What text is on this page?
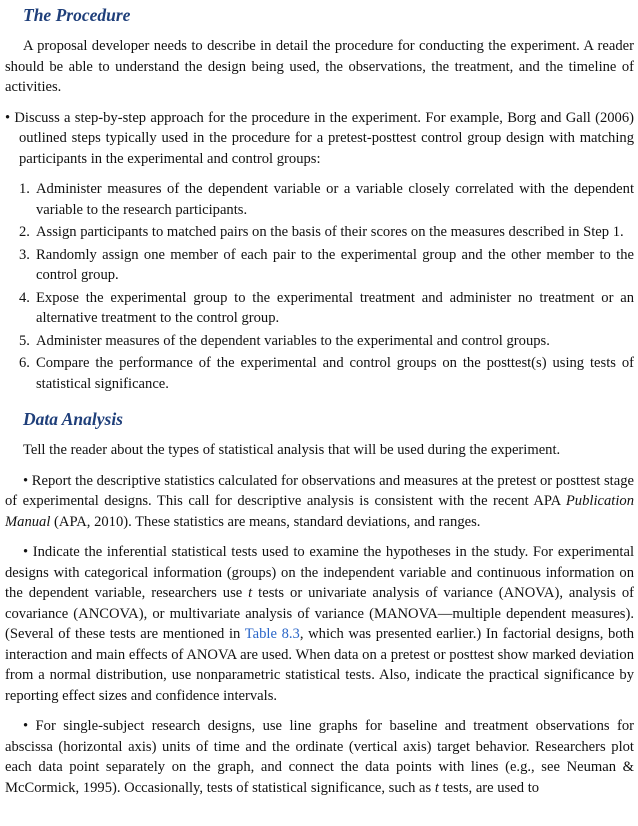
The Procedure

A proposal developer needs to describe in detail the procedure for conducting the experiment. A reader should be able to understand the design being used, the observations, the treatment, and the timeline of activities.

• Discuss a step-by-step approach for the procedure in the experiment. For example, Borg and Gall (2006) outlined steps typically used in the procedure for a pretest-posttest control group design with matching participants in the experimental and control groups:
1. Administer measures of the dependent variable or a variable closely correlated with the dependent variable to the research participants.
2. Assign participants to matched pairs on the basis of their scores on the measures described in Step 1.
3. Randomly assign one member of each pair to the experimental group and the other member to the control group.
4. Expose the experimental group to the experimental treatment and administer no treatment or an alternative treatment to the control group.
5. Administer measures of the dependent variables to the experimental and control groups.
6. Compare the performance of the experimental and control groups on the posttest(s) using tests of statistical significance.
Data Analysis

Tell the reader about the types of statistical analysis that will be used during the experiment.

• Report the descriptive statistics calculated for observations and measures at the pretest or posttest stage of experimental designs. This call for descriptive analysis is consistent with the recent APA Publication Manual (APA, 2010). These statistics are means, standard deviations, and ranges.

• Indicate the inferential statistical tests used to examine the hypotheses in the study. For experimental designs with categorical information (groups) on the independent variable and continuous information on the dependent variable, researchers use t tests or univariate analysis of variance (ANOVA), analysis of covariance (ANCOVA), or multivariate analysis of variance (MANOVA—multiple dependent measures). (Several of these tests are mentioned in Table 8.3, which was presented earlier.) In factorial designs, both interaction and main effects of ANOVA are used. When data on a pretest or posttest show marked deviation from a normal distribution, use nonparametric statistical tests. Also, indicate the practical significance by reporting effect sizes and confidence intervals.

• For single-subject research designs, use line graphs for baseline and treatment observations for abscissa (horizontal axis) units of time and the ordinate (vertical axis) target behavior. Researchers plot each data point separately on the graph, and connect the data points with lines (e.g., see Neuman & McCormick, 1995). Occasionally, tests of statistical significance, such as t tests, are used to
